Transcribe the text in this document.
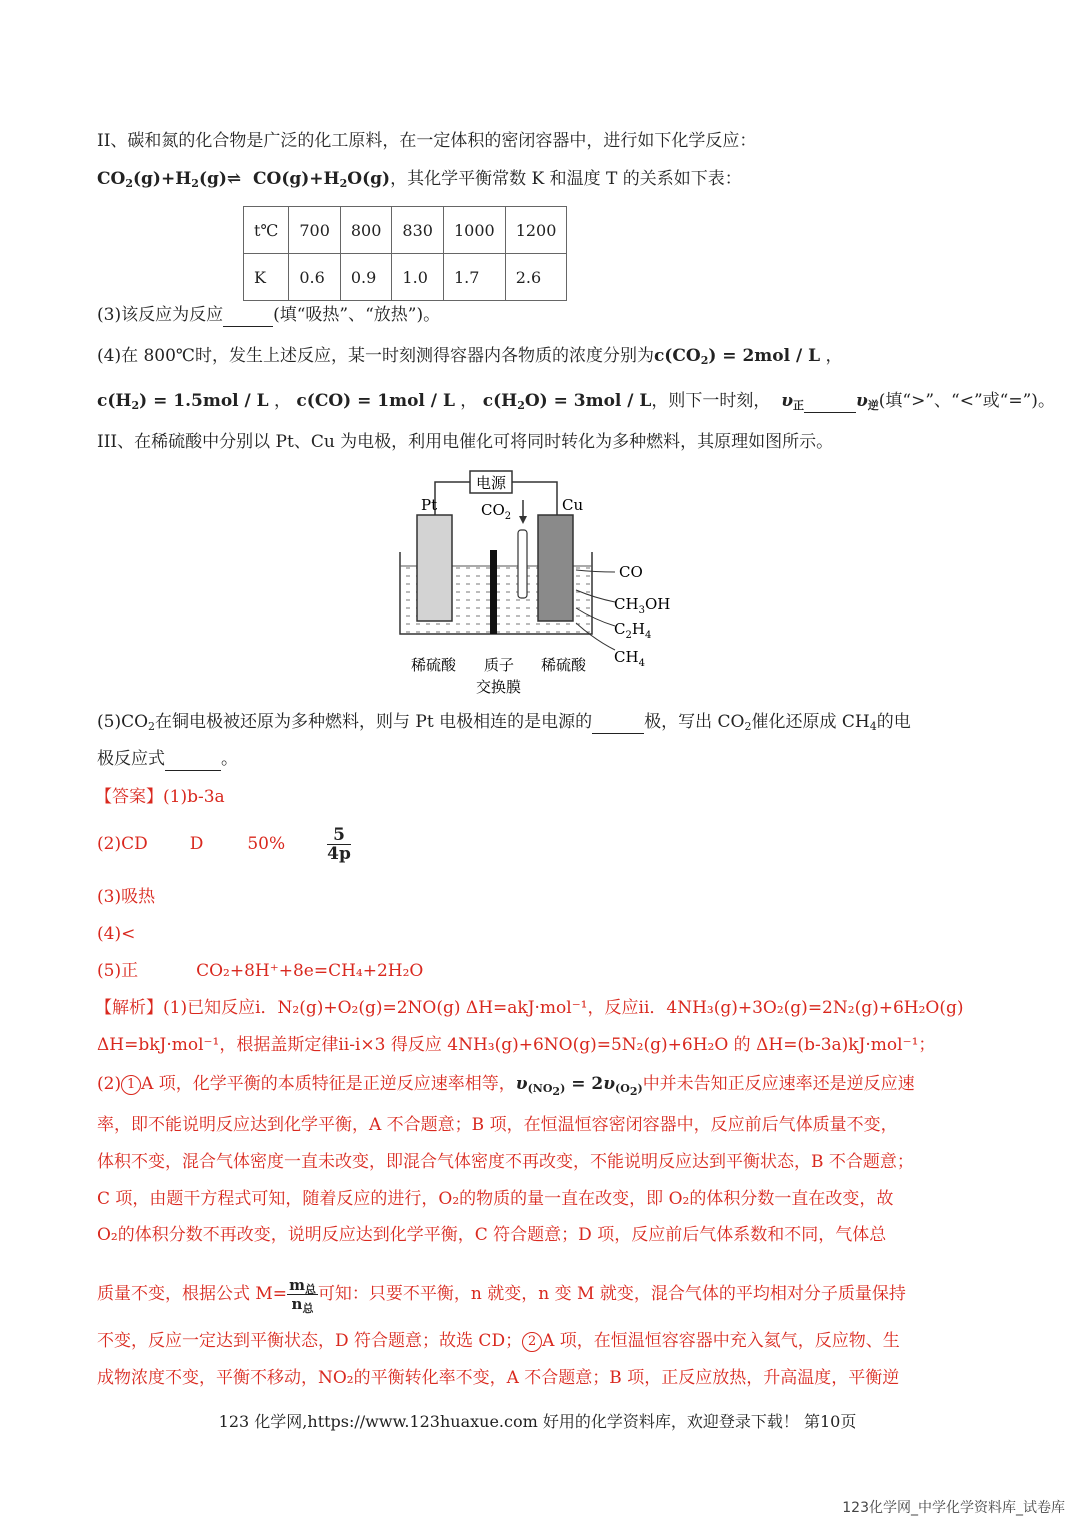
II、碳和氮的化合物是广泛的化工原料，在一定体积的密闭容器中，进行如下化学反应：
$CO_2(g)+H_2(g)\rightleftharpoons$  $CO(g)+H_2O(g)$，其化学平衡常数 K 和温度 T 的关系如下表：
t℃	700	800	830	1000	1200
K	0.6	0.9	1.0	1.7	2.6
(3)该反应为反应	(填“吸热”、“放热”)。
(4)在 800℃时，发生上述反应，某一时刻测得容器内各物质的浓度分别为$c(CO_2) = 2mol / L$ ，
$c(H_2) = 1.5mol / L$ ， c(CO) = 1mol / L ， $c(H_2O) = 3mol / L$，则下一时刻， $\upsilon_正$	$\upsilon_逆$(填“>”、“<”或“=”)。
III、在稀硫酸中分别以 Pt、Cu 为电极，利用电催化可将同时转化为多种燃料，其原理如图所示。
电源
Pt	Cu
$CO_2$
CO
$CH_3OH$
$C_2H_4$
$CH_4$
稀硫酸 质子
交换膜
稀硫酸
$(5)CO_2$在铜电极被还原为多种燃料，则与 Pt 电极相连的是电源的	极，写出 $CO_2$催化还原成 $CH_4$的电
极反应式	。
【答案】(1)b-3a
(2)CD D	$50\% \frac{5}{4p}$
(3)吸热
(4)<
(5)正	CO₂+8H⁺+8e=CH₄+2H₂O
【解析】(1)已知反应i．N₂(g)+O₂(g)=2NO(g) ΔH=akJ·mol⁻¹，反应ii．4NH₃(g)+3O₂(g)=2N₂(g)+6H₂O(g)
ΔH=bkJ·mol⁻¹，根据盖斯定律ii-i×3 得反应 4NH₃(g)+6NO(g)=5N₂(g)+6H₂O 的 ΔH=(b-3a)kJ·mol⁻¹；
(2) 1 A 项，化学平衡的本质特征是正逆反应速率相等，$\upsilon_{(NO_2)} = 2\upsilon_{(O_2)}$中并未告知正反应速率还是逆反应速
率，即不能说明反应达到化学平衡，A 不合题意；B 项，在恒温恒容密闭容器中，反应前后气体质量不变，
体积不变，混合气体密度一直未改变，即混合气体密度不再改变，不能说明反应达到平衡状态，B 不合题意；
C 项，由题干方程式可知，随着反应的进行，O₂的物质的量一直在改变，即 O₂的体积分数一直在改变，故
O₂的体积分数不再改变，说明反应达到化学平衡，C 符合题意；D 项，反应前后气体系数和不同，气体总
质量不变，根据公式 $M= \frac{m_总}{n_总}$ 可知：只要不平衡，n 就变，n 变 M 就变，混合气体的平均相对分子质量保持
不变，反应一定达到平衡状态，D 符合题意；故选 CD； 2 A 项，在恒温恒容容器中充入氦气，反应物、生
成物浓度不变，平衡不移动，NO₂的平衡转化率不变，A 不合题意；B 项，正反应放热，升高温度，平衡逆
123 化学网,https://www.123huaxue.com 好用的化学资料库，欢迎登录下载！ 第10页
123化学网_中学化学资料库_试卷库
